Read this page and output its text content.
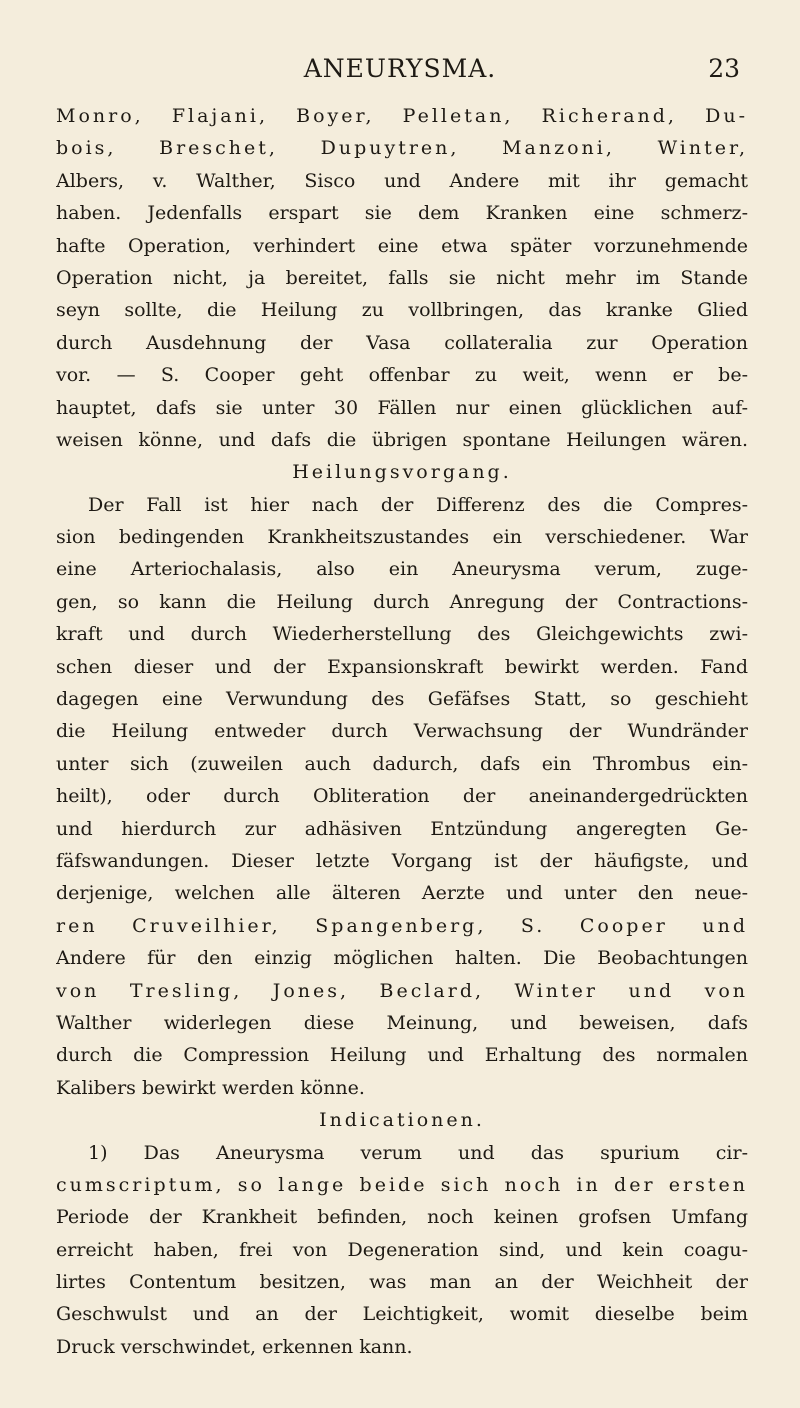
ANEURYSMA.	23
Monro, Flajani, Boyer, Pelletan, Richerand, Du-
bois, Breschet, Dupuytren, Manzoni, Winter,
Albers, v. Walther, Sisco und Andere mit ihr gemacht
haben. Jedenfalls erspart sie dem Kranken eine schmerz-
hafte Operation, verhindert eine etwa später vorzunehmende
Operation nicht, ja bereitet, falls sie nicht mehr im Stande
seyn sollte, die Heilung zu vollbringen, das kranke Glied
durch Ausdehnung der Vasa collateralia zur Operation
vor. — S. Cooper geht offenbar zu weit, wenn er be-
hauptet, dafs sie unter 30 Fällen nur einen glücklichen auf-
weisen könne, und dafs die übrigen spontane Heilungen wären.
Heilungsvorgang.
Der Fall ist hier nach der Differenz des die Compres-
sion bedingenden Krankheitszustandes ein verschiedener. War
eine Arteriochalasis, also ein Aneurysma verum, zuge-
gen, so kann die Heilung durch Anregung der Contractions-
kraft und durch Wiederherstellung des Gleichgewichts zwi-
schen dieser und der Expansionskraft bewirkt werden. Fand
dagegen eine Verwundung des Gefäfses Statt, so geschieht
die Heilung entweder durch Verwachsung der Wundränder
unter sich (zuweilen auch dadurch, dafs ein Thrombus ein-
heilt), oder durch Obliteration der aneinandergedrückten
und hierdurch zur adhäsiven Entzündung angeregten Ge-
fäfswandungen. Dieser letzte Vorgang ist der häufigste, und
derjenige, welchen alle älteren Aerzte und unter den neue-
ren Cruveilhier, Spangenberg, S. Cooper und
Andere für den einzig möglichen halten. Die Beobachtungen
von Tresling, Jones, Beclard, Winter und von
Walther widerlegen diese Meinung, und beweisen, dafs
durch die Compression Heilung und Erhaltung des normalen
Kalibers bewirkt werden könne.
Indicationen.
1) Das Aneurysma verum und das spurium cir-
cumscriptum, so lange beide sich noch in der ersten
Periode der Krankheit befinden, noch keinen grofsen Umfang
erreicht haben, frei von Degeneration sind, und kein coagu-
lirtes Contentum besitzen, was man an der Weichheit der
Geschwulst und an der Leichtigkeit, womit dieselbe beim
Druck verschwindet, erkennen kann.
